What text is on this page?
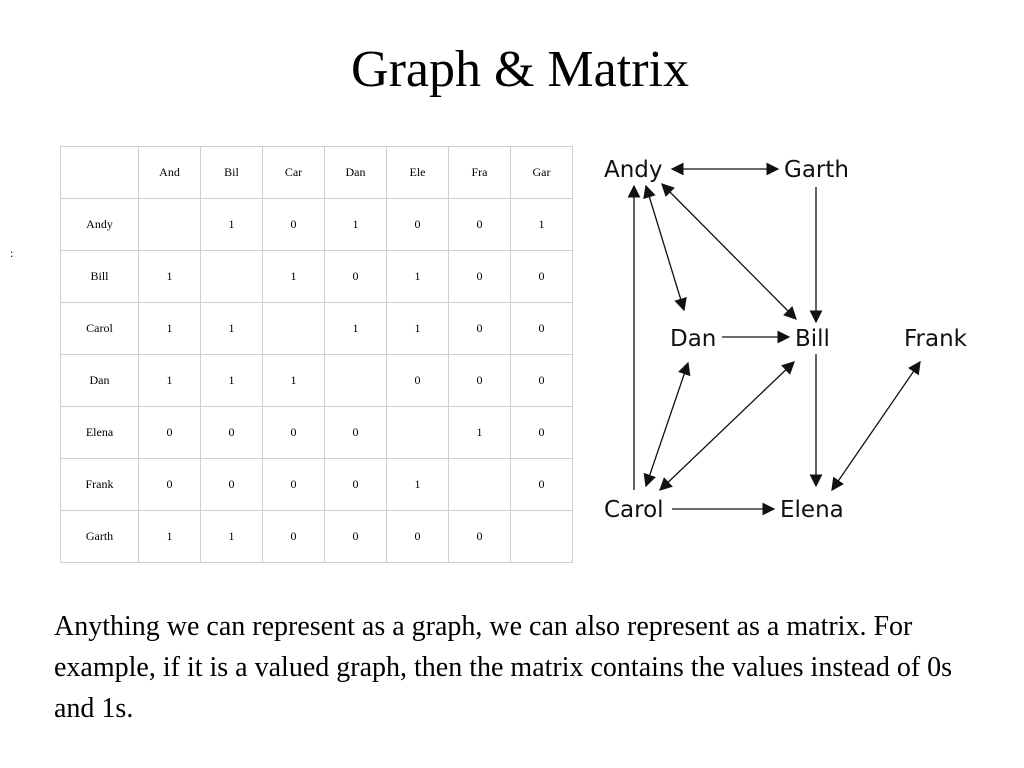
Graph & Matrix
:
	And	Bil	Car	Dan	Ele	Fra	Gar
Andy		1	0	1	0	0	1
Bill	1		1	0	1	0	0
Carol	1	1		1	1	0	0
Dan	1	1	1		0	0	0
Elena	0	0	0	0		1	0
Frank	0	0	0	0	1		0
Garth	1	1	0	0	0	0	
Andy	Garth
Dan	Bill	Frank
Carol	Elena
Anything we can represent as a graph, we can also represent as a matrix. For example, if it is a valued graph, then the matrix contains the values instead of 0s and 1s.
